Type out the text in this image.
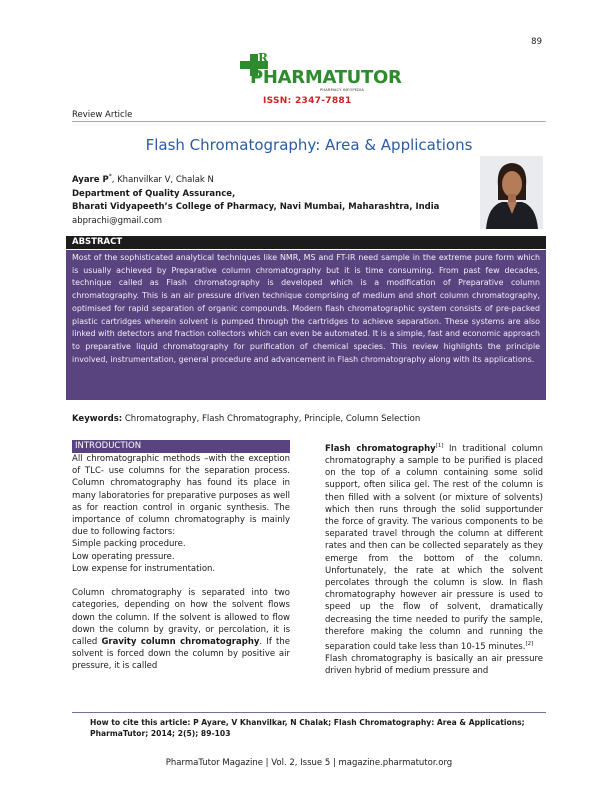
89
R
PHARMATUTOR
PHARMACY INFOPEDIA
ISSN: 2347-7881
Review Article
Flash Chromatography: Area & Applications
Ayare P*, Khanvilkar V, Chalak N
Department of Quality Assurance,
Bharati Vidyapeeth’s College of Pharmacy, Navi Mumbai, Maharashtra, India
abprachi@gmail.com
ABSTRACT
Most of the sophisticated analytical techniques like NMR, MS and FT-IR need sample in the extreme pure form which is usually achieved by Preparative column chromatography but it is time consuming. From past few decades, technique called as Flash chromatography is developed which is a modification of Preparative column chromatography. This is an air pressure driven technique comprising of medium and short column chromatography, optimised for rapid separation of organic compounds. Modern flash chromatographic system consists of pre-packed plastic cartridges wherein solvent is pumped through the cartridges to achieve separation. These systems are also linked with detectors and fraction collectors which can even be automated. It is a simple, fast and economic approach to preparative liquid chromatography for purification of chemical species. This review highlights the principle involved, instrumentation, general procedure and advancement in Flash chromatography along with its applications.
Keywords: Chromatography, Flash Chromatography, Principle, Column Selection
INTRODUCTION

All chromatographic methods –with the exception of TLC- use columns for the separation process. Column chromatography has found its place in many laboratories for preparative purposes as well as for reaction control in organic synthesis. The importance of column chromatography is mainly due to following factors:

Simple packing procedure.

Low operating pressure.

Low expense for instrumentation.

Column chromatography is separated into two categories, depending on how the solvent flows down the column. If the solvent is allowed to flow down the column by gravity, or percolation, it is called Gravity column chromatography. If the solvent is forced down the column by positive air pressure, it is called

Flash chromatography[1] In traditional column chromatography a sample to be purified is placed on the top of a column containing some solid support, often silica gel. The rest of the column is then filled with a solvent (or mixture of solvents) which then runs through the solid supportunder the force of gravity. The various components to be separated travel through the column at different rates and then can be collected separately as they emerge from the bottom of the column. Unfortunately, the rate at which the solvent percolates through the column is slow. In flash chromatography however air pressure is used to speed up the flow of solvent, dramatically decreasing the time needed to purify the sample, therefore making the column and running the separation could take less than 10-15 minutes.[2]

Flash chromatography is basically an air pressure driven hybrid of medium pressure and

How to cite this article: P Ayare, V Khanvilkar, N Chalak; Flash Chromatography: Area & Applications; PharmaTutor; 2014; 2(5); 89-103
PharmaTutor Magazine | Vol. 2, Issue 5 | magazine.pharmatutor.org
